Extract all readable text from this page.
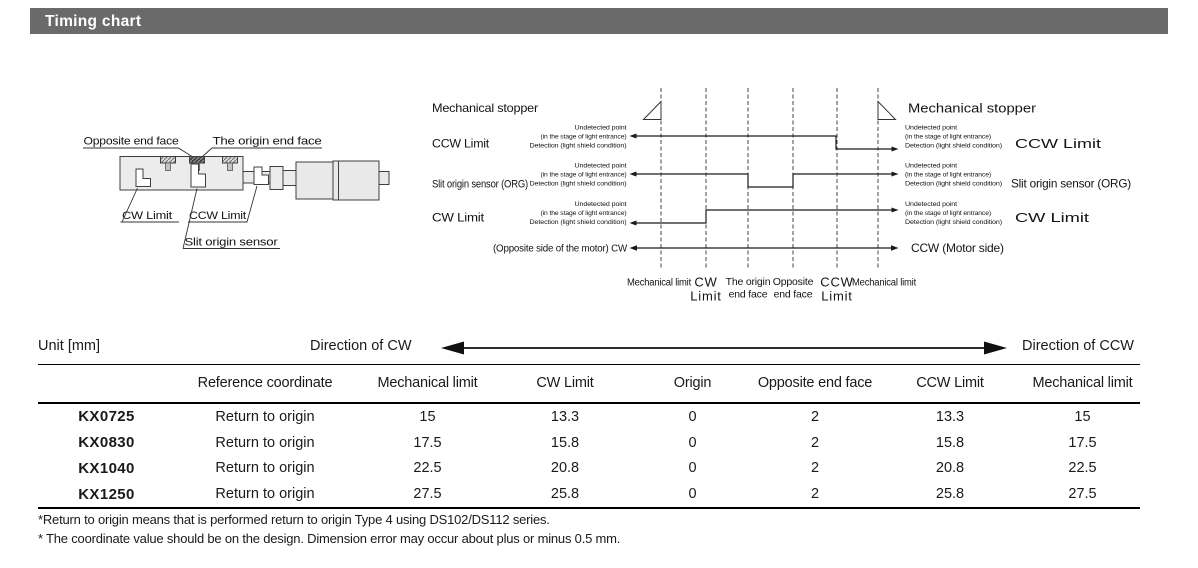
Timing chart
Opposite end face	The origin end face
CW Limit CCW Limit
Slit origin sensor
Mechanical stopper
CCW Limit
Slit origin sensor (ORG)
CW Limit
Undetected point
(in the stage of light entrance)
Detection (light shield condition)
Undetected point
(in the stage of light entrance)
Detection (light shield condition)
Undetected point
(in the stage of light entrance)
Detection (light shield condition)
Undetected point
(in the stage of light entrance)
Detection (light shield condition)
Undetected point
(in the stage of light entrance)
Detection (light shield condition)
Undetected point
(in the stage of light entrance)
Detection (light shield condition)
Mechanical stopper
CCW Limit
Slit origin sensor (ORG)
CW Limit
(Opposite side of the motor) CW	CCW (Motor side)
Mechanical limit CW
Limit
The origin
end face
Opposite
end face
CCW
Limit
Mechanical limit
Unit [mm]	Direction of CW	Direction of CCW
	Reference coordinate	Mechanical limit	CW Limit	Origin	Opposite end face	CCW Limit	Mechanical limit
KX0725	Return to origin	15	13.3	0	2	13.3	15
KX0830	Return to origin	17.5	15.8	0	2	15.8	17.5
KX1040	Return to origin	22.5	20.8	0	2	20.8	22.5
KX1250	Return to origin	27.5	25.8	0	2	25.8	27.5
*Return to origin means that is performed return to origin Type 4 using DS102/DS112 series.
* The coordinate value should be on the design. Dimension error may occur about plus or minus 0.5 mm.
